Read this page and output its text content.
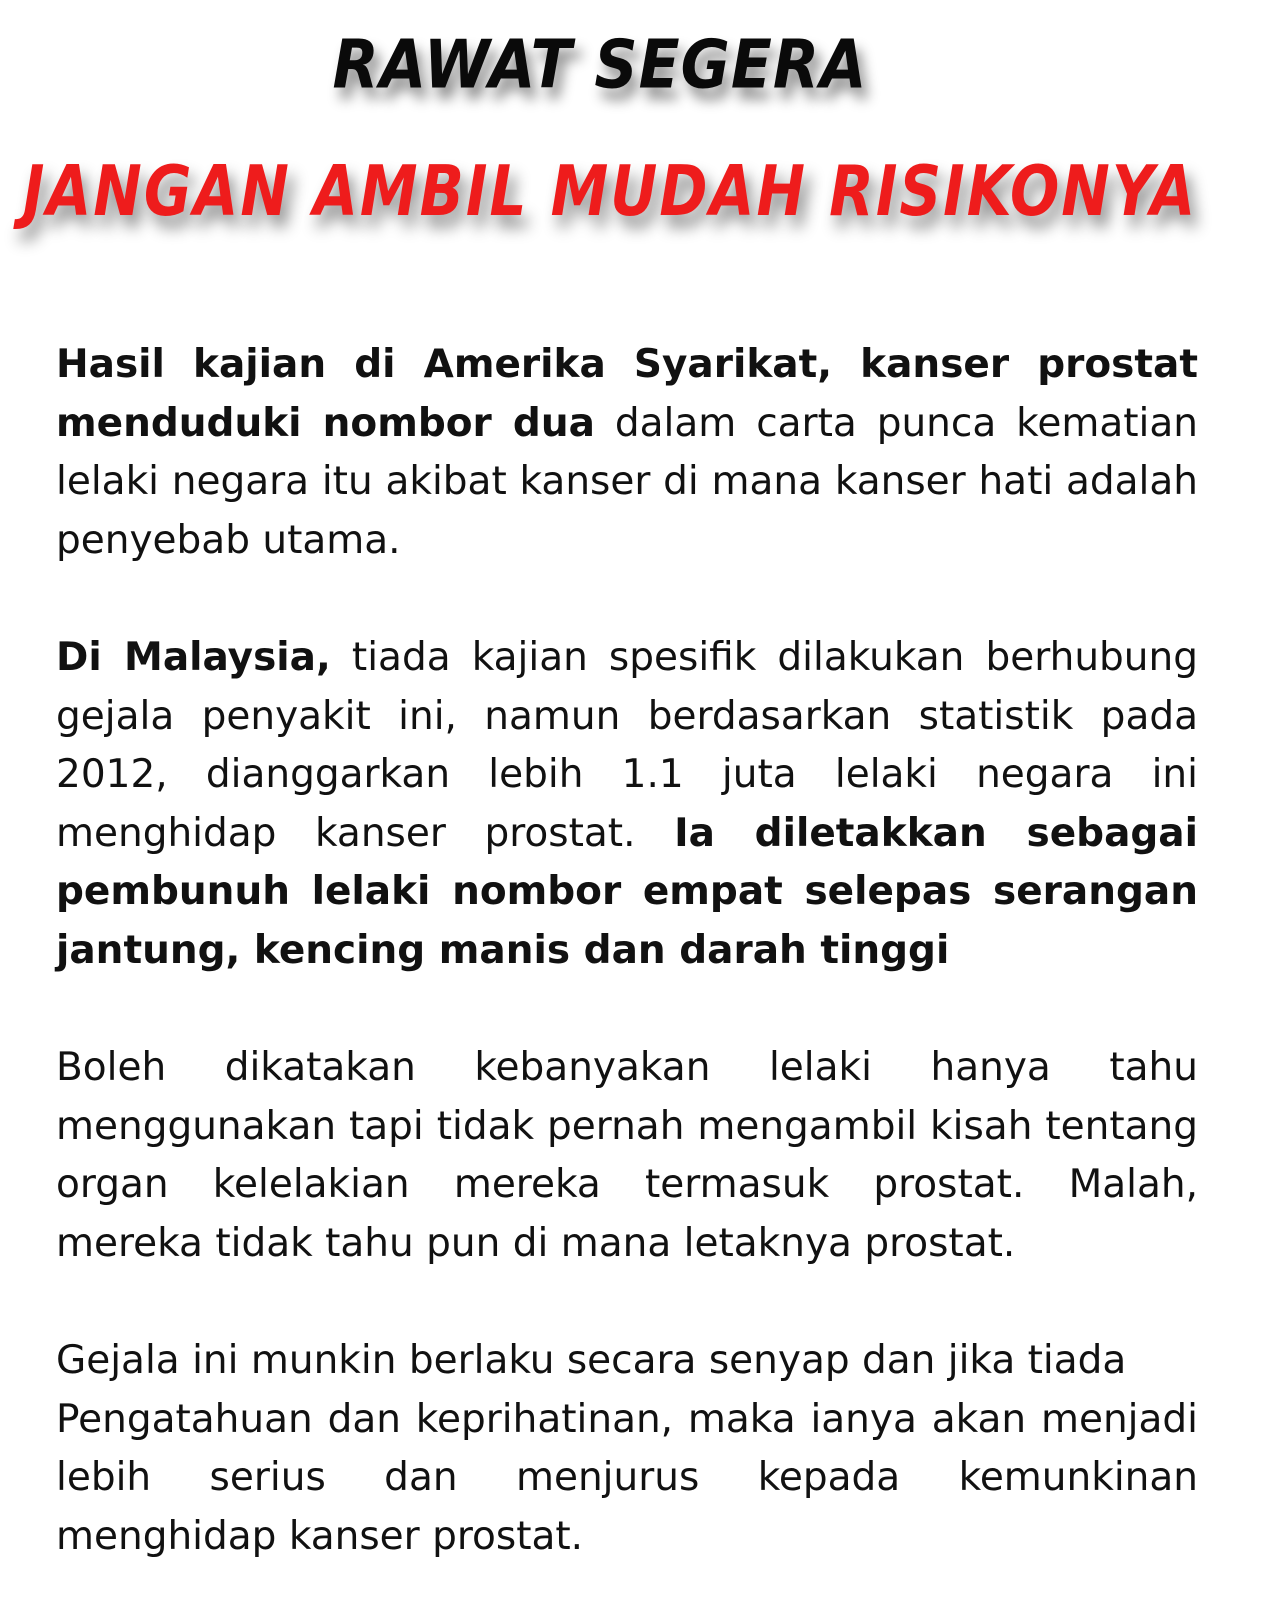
RAWAT SEGERA
JANGAN AMBIL MUDAH RISIKONYA

Hasil kajian di Amerika Syarikat, kanser prostat menduduki nombor dua dalam carta punca kematian lelaki negara itu akibat kanser di mana kanser hati adalah penyebab utama.

Di Malaysia, tiada kajian spesifik dilakukan berhubung gejala penyakit ini, namun berdasarkan statistik pada 2012, dianggarkan lebih 1.1 juta lelaki negara ini menghidap kanser prostat. Ia diletakkan sebagai pembunuh lelaki nombor empat selepas serangan jantung, kencing manis dan darah tinggi

Boleh dikatakan kebanyakan lelaki hanya tahu menggunakan tapi tidak pernah mengambil kisah tentang organ kelelakian mereka termasuk prostat. Malah, mereka tidak tahu pun di mana letaknya prostat.

Gejala ini munkin berlaku secara senyap dan jika tiada
Pengatahuan dan keprihatinan, maka ianya akan menjadi
lebih serius dan menjurus kepada kemunkinan
menghidap kanser prostat.
